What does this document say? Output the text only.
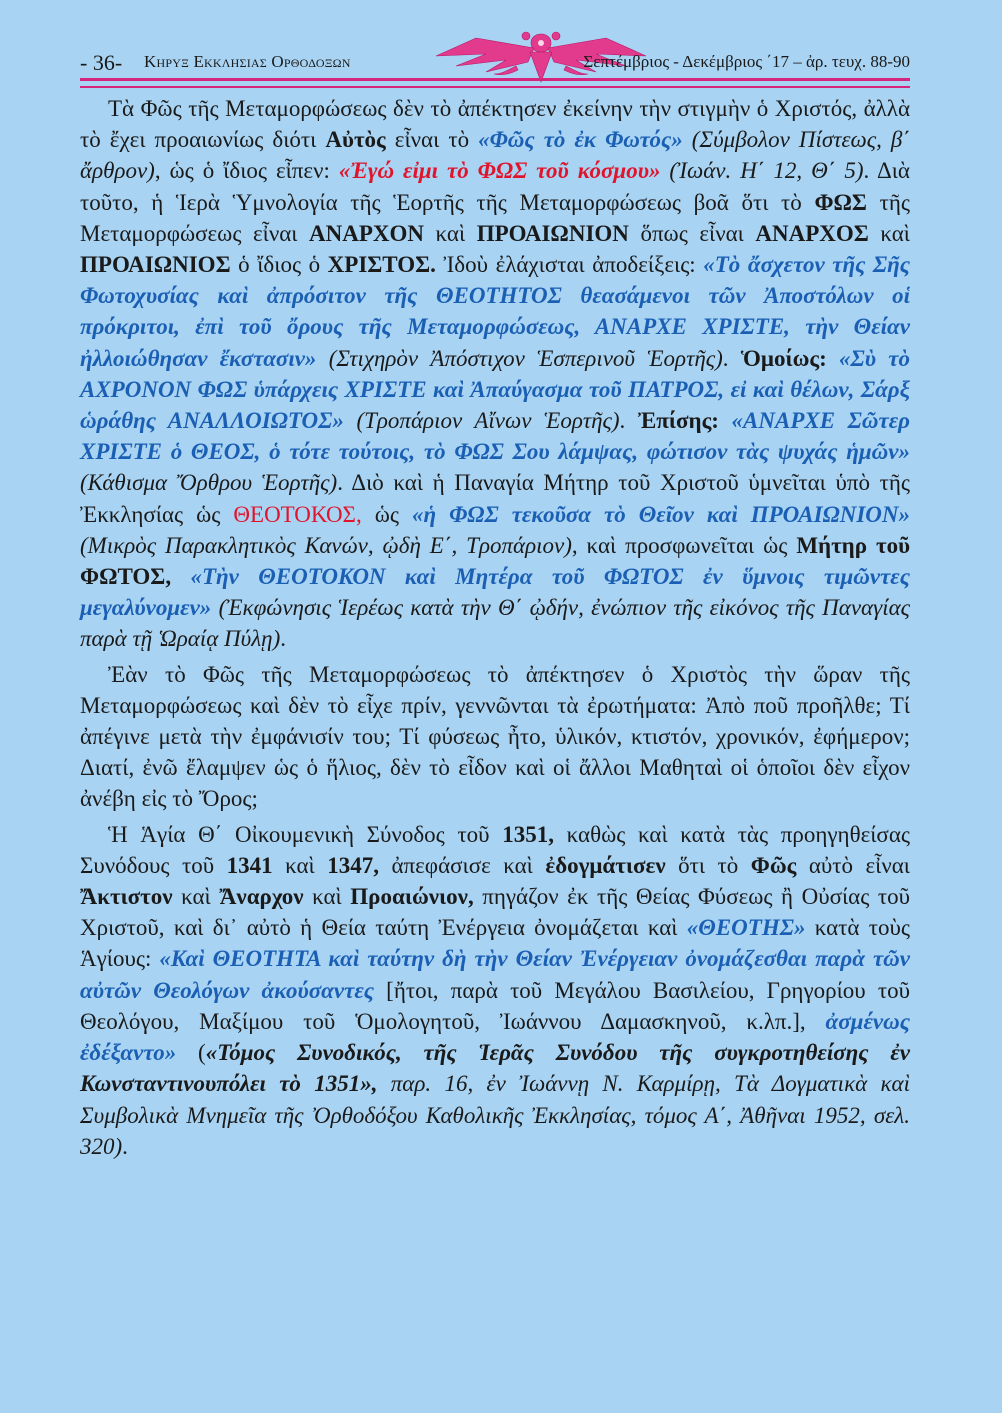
- 36- Κηρυξ Εκκλησιας Ορθοδοξων	Σεπτέμβριος - Δεκέμβριος ΄17 – ἀρ. τευχ. 88-90

Τὰ Φῶς τῆς Μεταμορφώσεως δὲν τὸ ἀπέκτησεν ἐκείνην τὴν στιγμὴν ὁ Χριστός, ἀλλὰ τὸ ἔχει προαιωνίως διότι Αὐτὸς εἶναι τὸ «Φῶς τὸ ἐκ Φωτός» (Σύμβολον Πίστεως, β΄ ἄρθρον), ὡς ὁ ἴδιος εἶπεν: «Ἐγώ εἰμι τὸ ΦΩΣ τοῦ κόσμου» (Ἰωάν. Η΄ 12, Θ΄ 5). Διὰ τοῦτο, ἡ Ἱερὰ Ὑμνολογία τῆς Ἑορτῆς τῆς Μεταμορφώσεως βοᾶ ὅτι τὸ ΦΩΣ τῆς Μεταμορφώσεως εἶναι ΑΝΑΡΧΟΝ καὶ ΠΡΟΑΙΩΝΙΟΝ ὅπως εἶναι ΑΝΑΡΧΟΣ καὶ ΠΡΟΑΙΩΝΙΟΣ ὁ ἴδιος ὁ ΧΡΙΣΤΟΣ. Ἰδοὺ ἐλάχισται ἀποδείξεις: «Τὸ ἄσχετον τῆς Σῆς Φωτοχυσίας καὶ ἀπρόσιτον τῆς ΘΕΟΤΗΤΟΣ θεασάμενοι τῶν Ἀποστόλων οἱ πρόκριτοι, ἐπὶ τοῦ ὄρους τῆς Μεταμορφώσεως, ΑΝΑΡΧΕ ΧΡΙΣΤΕ, τὴν Θείαν ἠλλοιώθησαν ἔκστασιν» (Στιχηρὸν Ἀπόστιχον Ἑσπερινοῦ Ἑορτῆς). Ὁμοίως: «Σὺ τὸ ΑΧΡΟΝΟΝ ΦΩΣ ὑπάρχεις ΧΡΙΣΤΕ καὶ Ἀπαύγασμα τοῦ ΠΑΤΡΟΣ, εἰ καὶ θέλων, Σάρξ ὡράθης ΑΝΑΛΛΟΙΩΤΟΣ» (Τροπάριον Αἴνων Ἑορτῆς). Ἐπίσης: «ΑΝΑΡΧΕ Σῶτερ ΧΡΙΣΤΕ ὁ ΘΕΟΣ, ὁ τότε τούτοις, τὸ ΦΩΣ Σου λάμψας, φώτισον τὰς ψυχάς ἡμῶν» (Κάθισμα Ὄρθρου Ἑορτῆς). Διὸ καὶ ἡ Παναγία Μήτηρ τοῦ Χριστοῦ ὑμνεῖται ὑπὸ τῆς Ἐκκλησίας ὡς ΘΕΟΤΟΚΟΣ, ὡς «ἡ ΦΩΣ τεκοῦσα τὸ Θεῖον καὶ ΠΡΟΑΙΩΝΙΟΝ» (Μικρὸς Παρακλητικὸς Κανών, ᾠδὴ Ε΄, Τροπάριον), καὶ προσφωνεῖται ὡς Μήτηρ τοῦ ΦΩΤΟΣ, «Τὴν ΘΕΟΤΟΚΟΝ καὶ Μητέρα τοῦ ΦΩΤΟΣ ἐν ὕμνοις τιμῶντες μεγαλύνομεν» (Ἐκφώνησις Ἱερέως κατὰ τὴν Θ΄ ᾠδήν, ἐνώπιον τῆς εἰκόνος τῆς Παναγίας παρὰ τῇ Ὡραίᾳ Πύλῃ).

Ἐὰν τὸ Φῶς τῆς Μεταμορφώσεως τὸ ἀπέκτησεν ὁ Χριστὸς τὴν ὥραν τῆς Μεταμορφώσεως καὶ δὲν τὸ εἶχε πρίν, γεννῶνται τὰ ἐρωτήματα: Ἀπὸ ποῦ προῆλθε; Τί ἀπέγινε μετὰ τὴν ἐμφάνισίν του; Τί φύσεως ἦτο, ὑλικόν, κτιστόν, χρονικόν, ἐφήμερον; Διατί, ἐνῶ ἔλαμψεν ὡς ὁ ἥλιος, δὲν τὸ εἶδον καὶ οἱ ἄλλοι Μαθηταὶ οἱ ὁποῖοι δὲν εἶχον ἀνέβη εἰς τὸ Ὄρος;

Ἡ Ἁγία Θ΄ Οἰκουμενικὴ Σύνοδος τοῦ 1351, καθὼς καὶ κατὰ τὰς προηγηθείσας Συνόδους τοῦ 1341 καὶ 1347, ἀπεφάσισε καὶ ἐδογμάτισεν ὅτι τὸ Φῶς αὐτὸ εἶναι Ἄκτιστον καὶ Ἄναρχον καὶ Προαιώνιον, πηγάζον ἐκ τῆς Θείας Φύσεως ἢ Οὐσίας τοῦ Χριστοῦ, καὶ δι᾽ αὐτὸ ἡ Θεία ταύτη Ἐνέργεια ὀνομάζεται καὶ «ΘΕΟΤΗΣ» κατὰ τοὺς Ἁγίους: «Καὶ ΘΕΟΤΗΤΑ καὶ ταύτην δὴ τὴν Θείαν Ἐνέργειαν ὀνομάζεσθαι παρὰ τῶν αὐτῶν Θεολόγων ἀκούσαντες [ἤτοι, παρὰ τοῦ Μεγάλου Βασιλείου, Γρηγορίου τοῦ Θεολόγου, Μαξίμου τοῦ Ὁμολογητοῦ, Ἰωάννου Δαμασκηνοῦ, κ.λπ.], ἀσμένως ἐδέξαντο» («Τόμος Συνοδικός, τῆς Ἱερᾶς Συνόδου τῆς συγκροτηθείσης ἐν Κωνσταντινουπόλει τὸ 1351», παρ. 16, ἐν Ἰωάννῃ Ν. Καρμίρῃ, Τὰ Δογματικὰ καὶ Συμβολικὰ Μνημεῖα τῆς Ὀρθοδόξου Καθολικῆς Ἐκκλησίας, τόμος Α΄, Ἀθῆναι 1952, σελ. 320).
